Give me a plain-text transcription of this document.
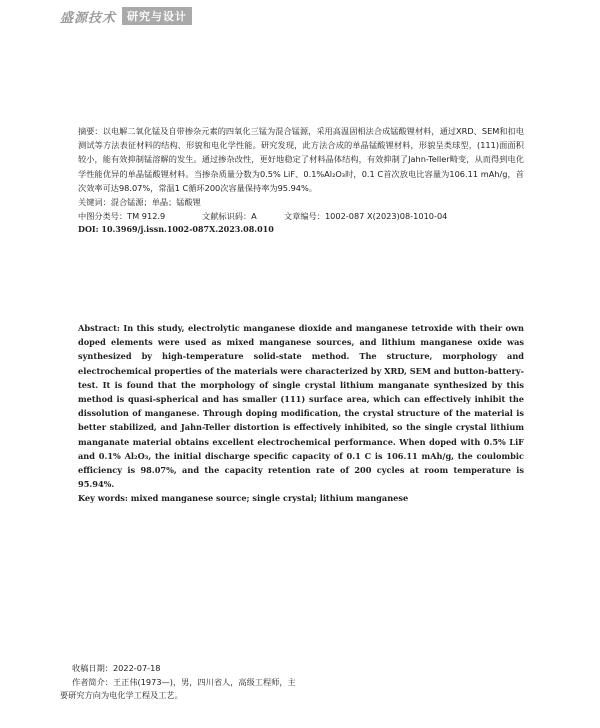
盛源技术	研究与设计

摘要：以电解二氧化锰及自带掺杂元素的四氧化三锰为混合锰源，采用高温固相法合成锰酸锂材料，通过XRD、SEM和扣电测试等方法表征材料的结构、形貌和电化学性能。研究发现，此方法合成的单晶锰酸锂材料，形貌呈类球型，(111)面面积较小，能有效抑制锰溶解的发生。通过掺杂改性，更好地稳定了材料晶体结构，有效抑制了Jahn-Teller畸变，从而得到电化学性能优异的单晶锰酸锂材料。当掺杂质量分数为0.5% LiF、0.1%Al₂O₃时，0.1 C首次放电比容量为106.11 mAh/g，首次效率可达98.07%，常温1 C循环200次容量保持率为95.94%。

关键词：混合锰源；单晶；锰酸锂

中图分类号：TM 912.9	文献标识码：A	文章编号：1002-087 X(2023)08-1010-04
DOI: 10.3969/j.issn.1002-087X.2023.08.010

Abstract: In this study, electrolytic manganese dioxide and manganese tetroxide with their own doped elements were used as mixed manganese sources, and lithium manganese oxide was synthesized by high-temperature solid-state method. The structure, morphology and electrochemical properties of the materials were characterized by XRD, SEM and button-battery-test. It is found that the morphology of single crystal lithium manganate synthesized by this method is quasi-spherical and has smaller (111) surface area, which can effectively inhibit the dissolution of manganese. Through doping modification, the crystal structure of the material is better stabilized, and Jahn-Teller distortion is effectively inhibited, so the single crystal lithium manganate material obtains excellent electrochemical performance. When doped with 0.5% LiF and 0.1% Al₂O₃, the initial discharge specific capacity of 0.1 C is 106.11 mAh/g, the coulombic efficiency is 98.07%, and the capacity retention rate of 200 cycles at room temperature is 95.94%.

Key words: mixed manganese source; single crystal; lithium manganese

收稿日期：2022-07-18

作者简介：王正伟(1973—)，男，四川省人，高级工程师，主

要研究方向为电化学工程及工艺。
